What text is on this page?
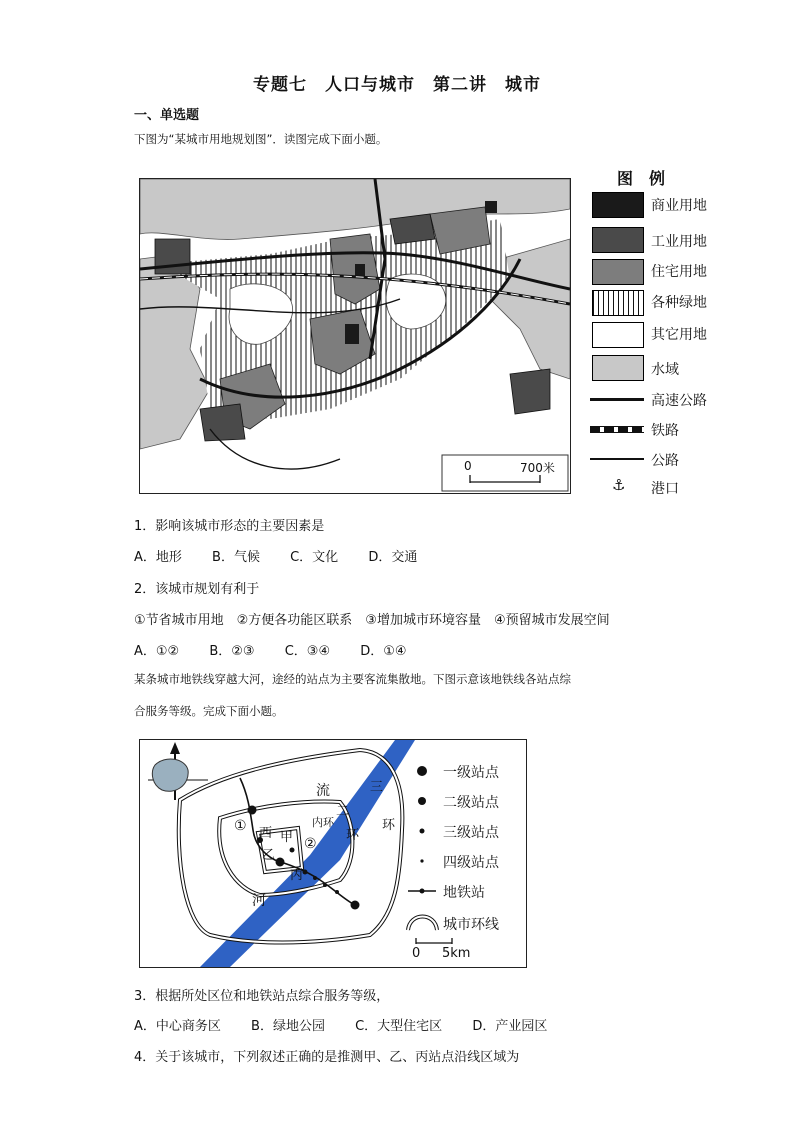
专题七　人口与城市　第二讲　城市
一、单选题
下图为“某城市用地规划图”．读图完成下面小题。
0	700米
图　例
商业用地
工业用地
住宅用地
各种绿地
其它用地
水域
高速公路
铁路
公路
⚓ 港口
1．影响该城市形态的主要因素是
A．地形 B．气候 C．文化 D．交通
2．该城市规划有利于
①节省城市用地　②方便各功能区联系　③增加城市环境容量　④预留城市发展空间
A．①② B．②③ C．③④ D．①④
某条城市地铁线穿越大河，途经的站点为主要客流集散地。下图示意该地铁线各站点综
合服务等级。完成下面小题。
①
②
西 甲
乙
丙
流
河
二
环
三
环
内环
一级站点
二级站点
三级站点
四级站点
地铁站
城市环线
0 5km
3．根据所处区位和地铁站点综合服务等级，
A．中心商务区 B．绿地公园 C．大型住宅区 D．产业园区
4．关于该城市，下列叙述正确的是推测甲、乙、丙站点沿线区域为
